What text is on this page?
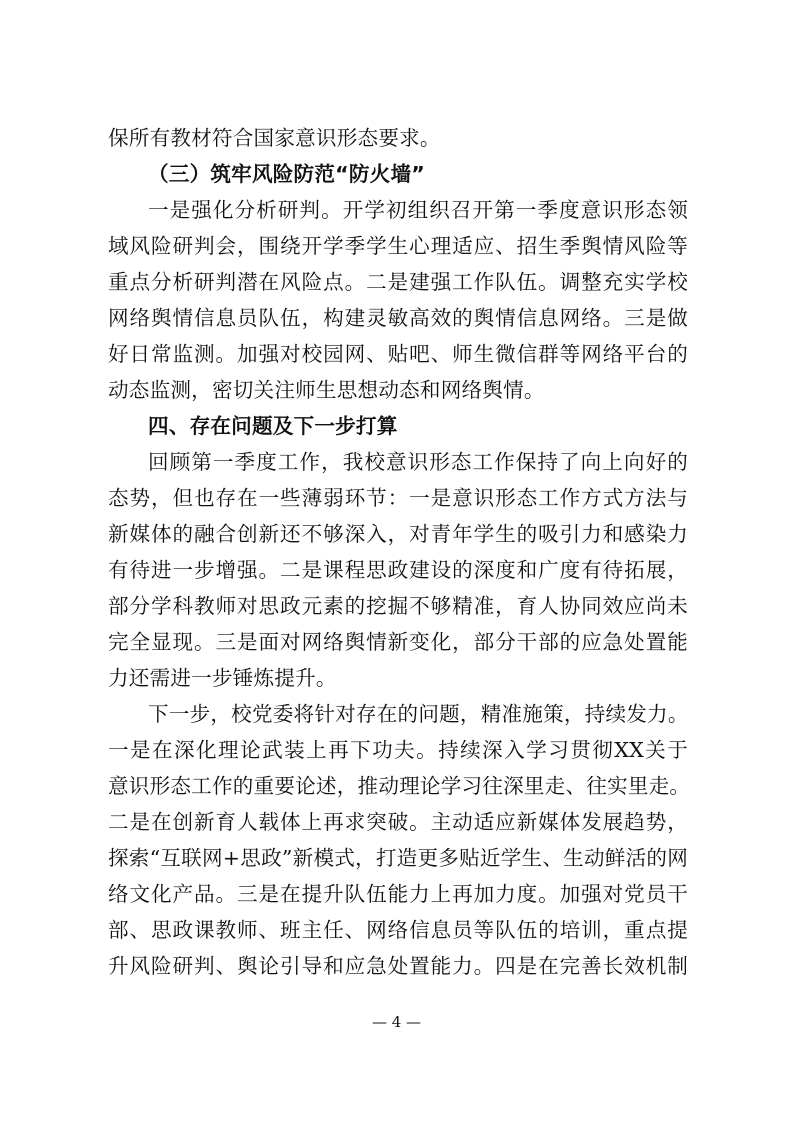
保所有教材符合国家意识形态要求。
（三）筑牢风险防范“防火墙”
一是强化分析研判。开学初组织召开第一季度意识形态领
域风险研判会，围绕开学季学生心理适应、招生季舆情风险等
重点分析研判潜在风险点。二是建强工作队伍。调整充实学校
网络舆情信息员队伍，构建灵敏高效的舆情信息网络。三是做
好日常监测。加强对校园网、贴吧、师生微信群等网络平台的
动态监测，密切关注师生思想动态和网络舆情。
四、存在问题及下一步打算
回顾第一季度工作，我校意识形态工作保持了向上向好的
态势，但也存在一些薄弱环节：一是意识形态工作方式方法与
新媒体的融合创新还不够深入，对青年学生的吸引力和感染力
有待进一步增强。二是课程思政建设的深度和广度有待拓展，
部分学科教师对思政元素的挖掘不够精准，育人协同效应尚未
完全显现。三是面对网络舆情新变化，部分干部的应急处置能
力还需进一步锤炼提升。
下一步，校党委将针对存在的问题，精准施策，持续发力。
一是在深化理论武装上再下功夫。持续深入学习贯彻XX关于
意识形态工作的重要论述，推动理论学习往深里走、往实里走。
二是在创新育人载体上再求突破。主动适应新媒体发展趋势，
探索“互联网+思政”新模式，打造更多贴近学生、生动鲜活的网
络文化产品。三是在提升队伍能力上再加力度。加强对党员干
部、思政课教师、班主任、网络信息员等队伍的培训，重点提
升风险研判、舆论引导和应急处置能力。四是在完善长效机制
— 4 —
